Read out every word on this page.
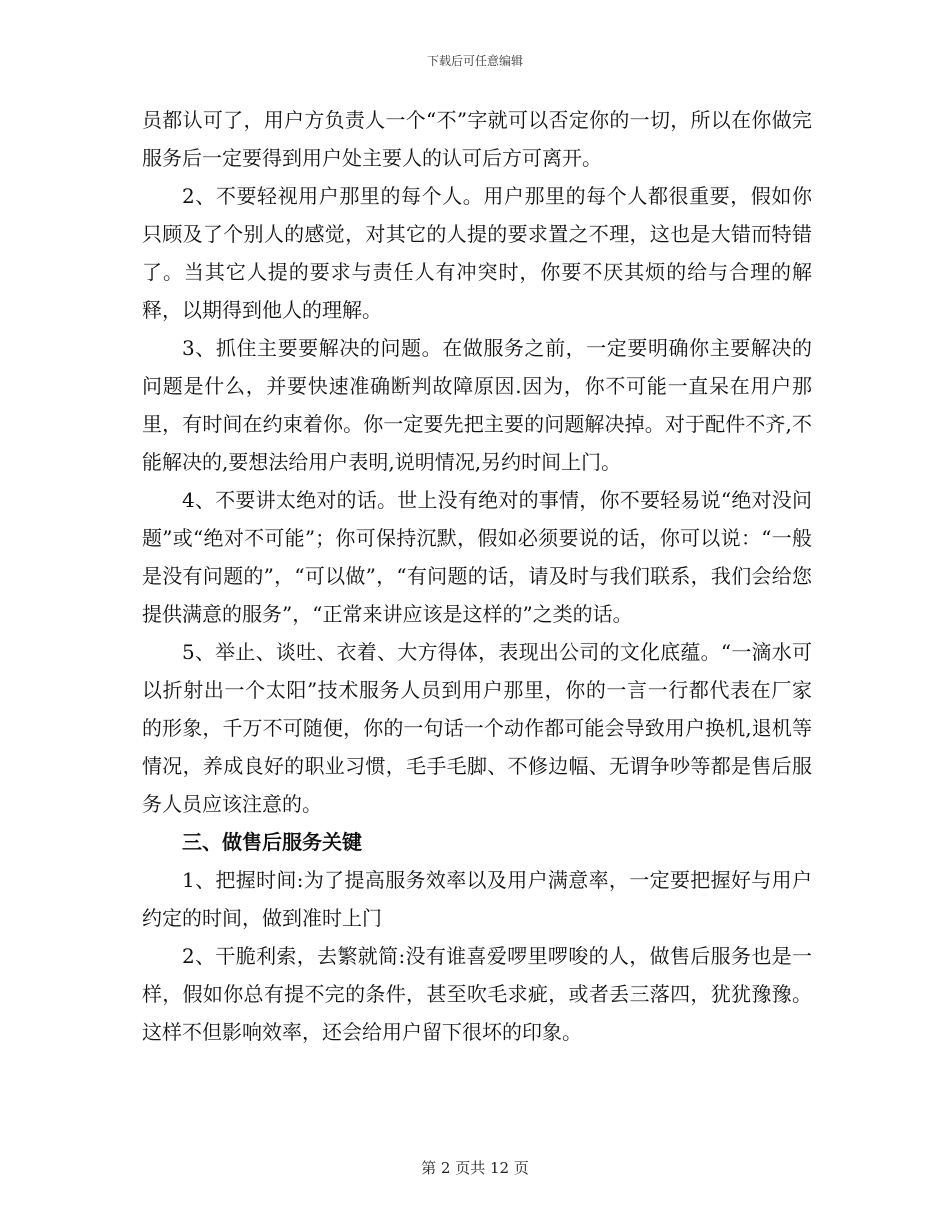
下载后可任意编辑

员都认可了，用户方负责人一个“不”字就可以否定你的一切，所以在你做完服务后一定要得到用户处主要人的认可后方可离开。

2、不要轻视用户那里的每个人。用户那里的每个人都很重要，假如你只顾及了个别人的感觉，对其它的人提的要求置之不理，这也是大错而特错了。当其它人提的要求与责任人有冲突时，你要不厌其烦的给与合理的解释，以期得到他人的理解。

3、抓住主要要解决的问题。在做服务之前，一定要明确你主要解决的问题是什么，并要快速准确断判故障原因.因为，你不可能一直呆在用户那里，有时间在约束着你。你一定要先把主要的问题解决掉。对于配件不齐,不能解决的,要想法给用户表明,说明情况,另约时间上门。

4、不要讲太绝对的话。世上没有绝对的事情，你不要轻易说“绝对没问题”或“绝对不可能”；你可保持沉默，假如必须要说的话，你可以说：“一般是没有问题的”，“可以做”，“有问题的话，请及时与我们联系，我们会给您提供满意的服务”，“正常来讲应该是这样的”之类的话。

5、举止、谈吐、衣着、大方得体，表现出公司的文化底蕴。“一滴水可以折射出一个太阳”技术服务人员到用户那里，你的一言一行都代表在厂家的形象，千万不可随便，你的一句话一个动作都可能会导致用户换机,退机等情况，养成良好的职业习惯，毛手毛脚、不修边幅、无谓争吵等都是售后服务人员应该注意的。

三、做售后服务关键

1、把握时间:为了提高服务效率以及用户满意率，一定要把握好与用户约定的时间，做到准时上门

2、干脆利索，去繁就简:没有谁喜爱啰里啰唆的人，做售后服务也是一样，假如你总有提不完的条件，甚至吹毛求疵，或者丢三落四，犹犹豫豫。这样不但影响效率，还会给用户留下很坏的印象。

第 2 页共 12 页
